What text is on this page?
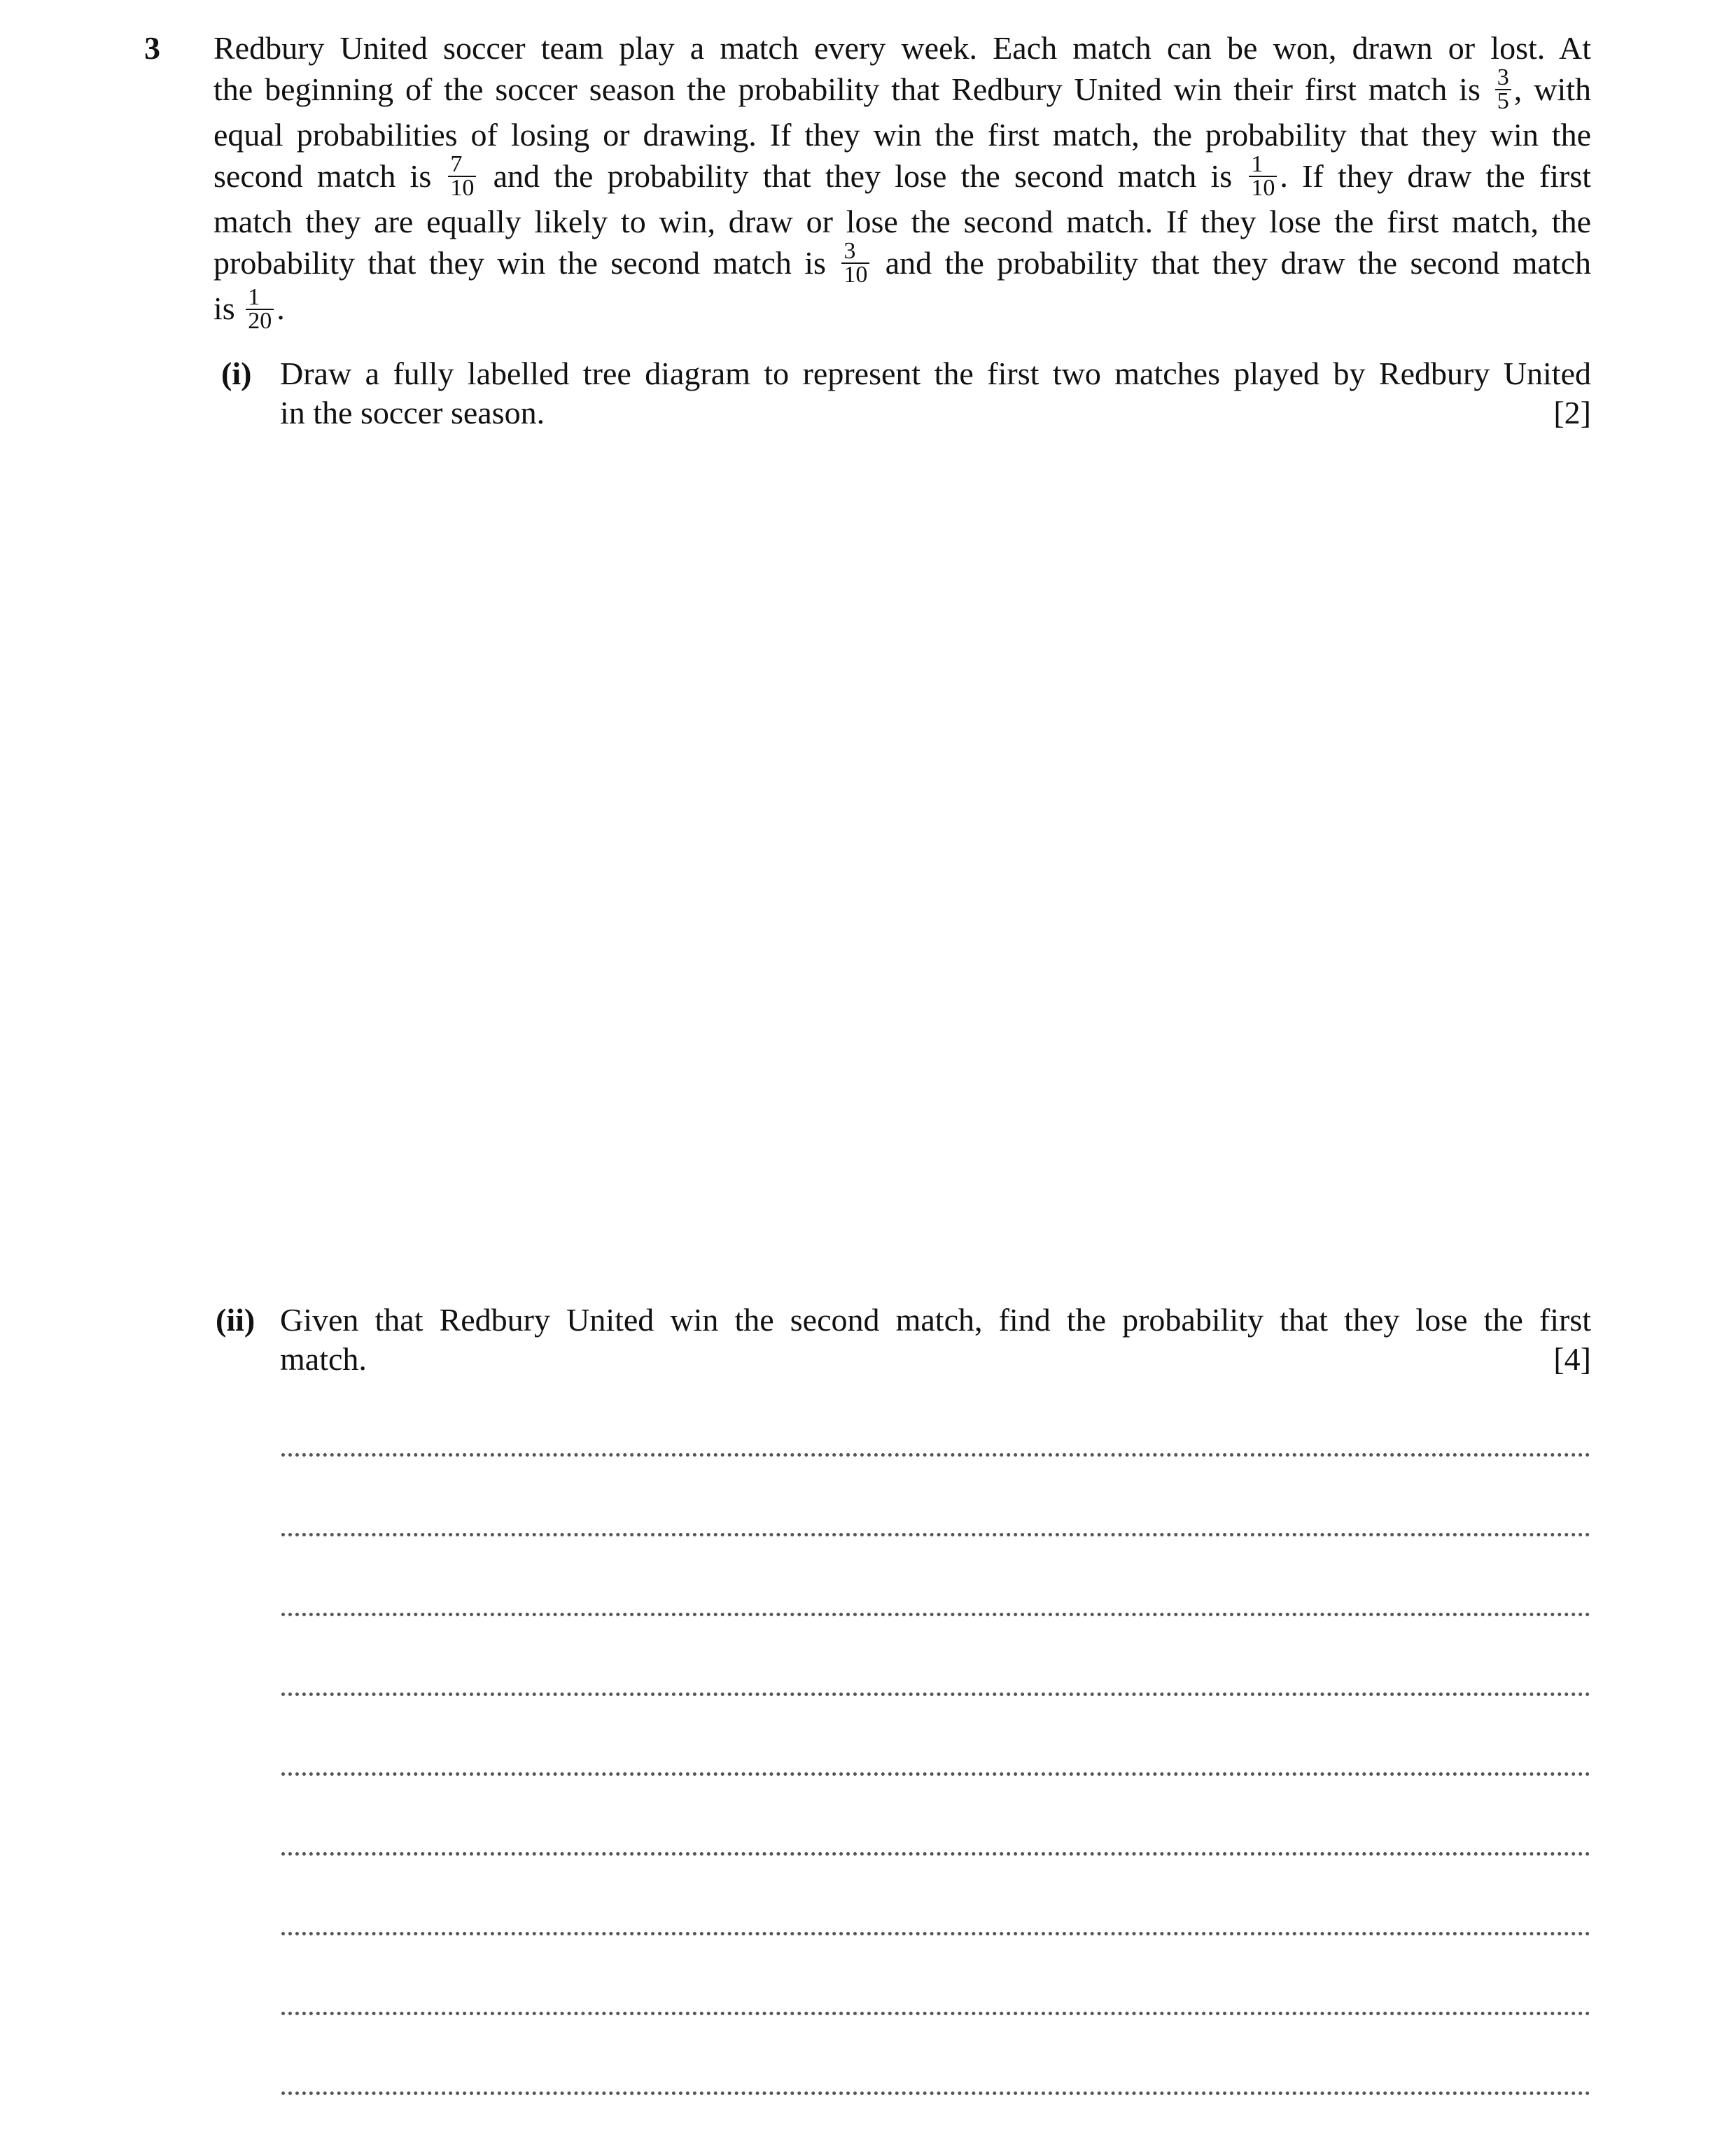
3 Redbury United soccer team play a match every week. Each match can be won, drawn or lost. At
the beginning of the soccer season the probability that Redbury United win their first match is $\frac{3}{5}$ , with
equal probabilities of losing or drawing. If they win the first match, the probability that they win the
second match is $\frac{7}{10}$ and the probability that they lose the second match is $\frac{1}{10}$ . If they draw the first
match they are equally likely to win, draw or lose the second match. If they lose the first match, the
probability that they win the second match is $\frac{3}{10}$ and the probability that they draw the second match
is $\frac{1}{20}$ .
(i) Draw a fully labelled tree diagram to represent the first two matches played by Redbury United
in the soccer season.	[2]
(ii) Given that Redbury United win the second match, find the probability that they lose the first
match.	[4]
